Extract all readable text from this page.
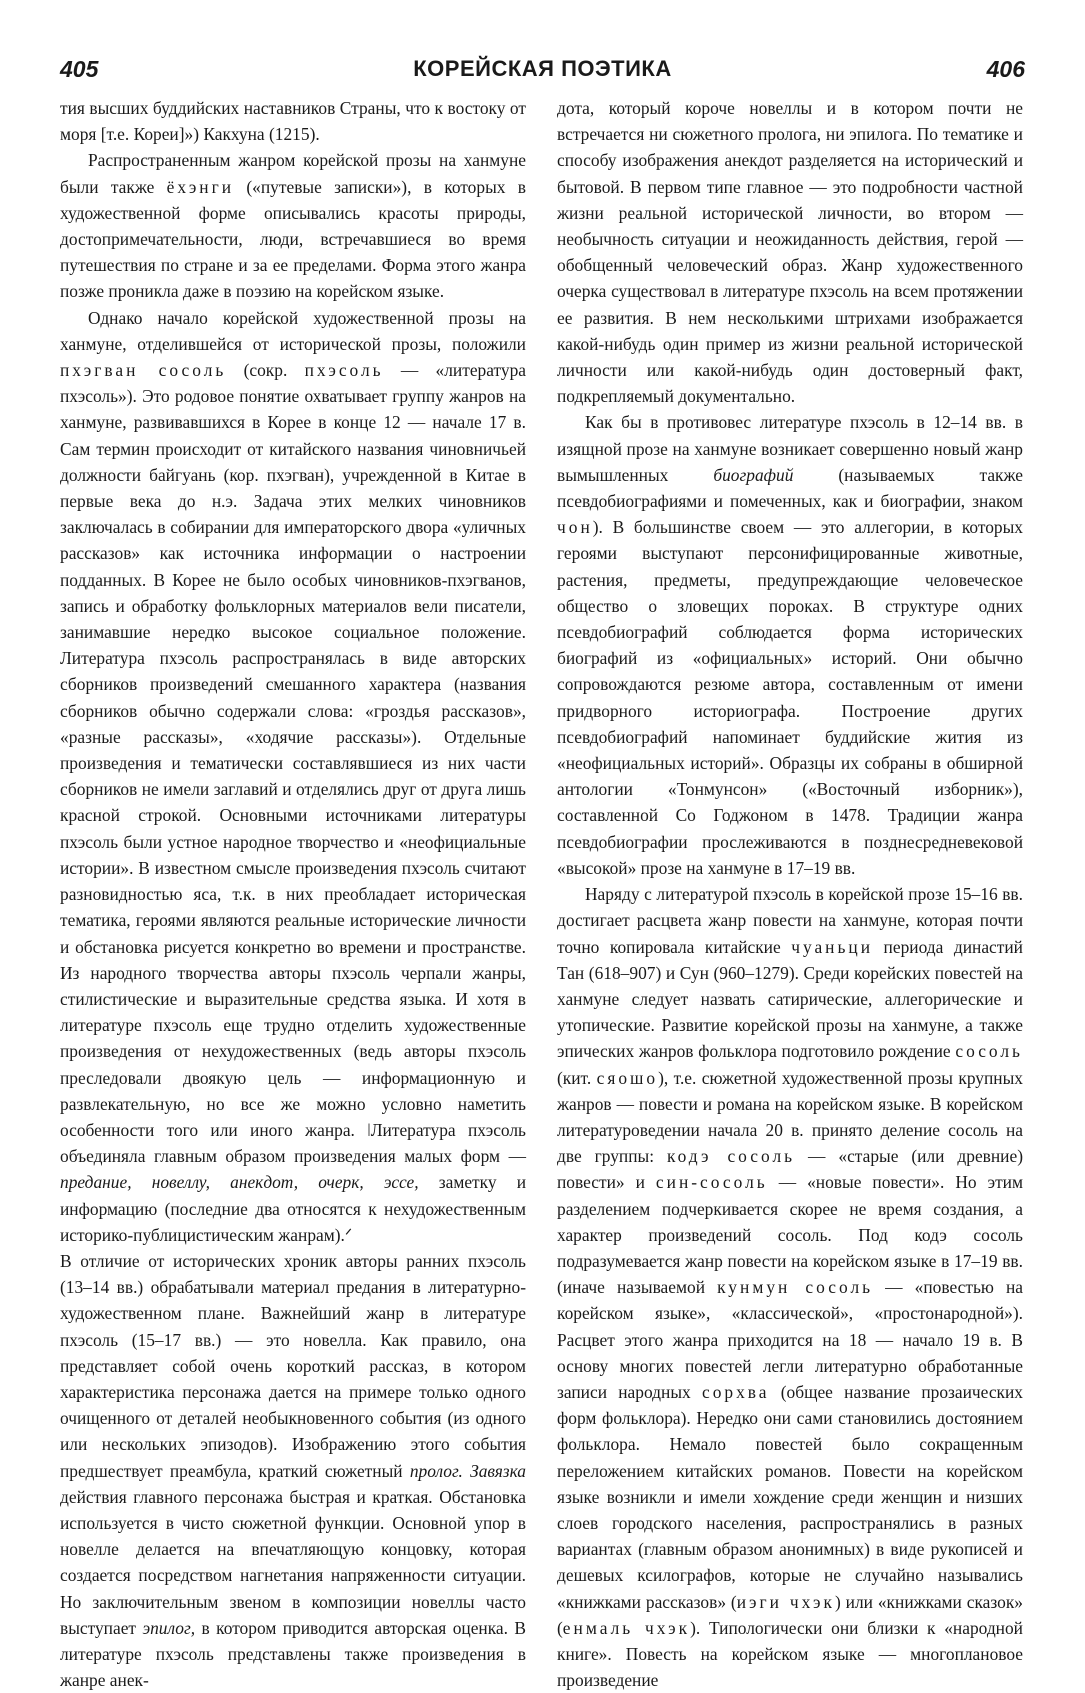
405	КОРЕЙСКАЯ ПОЭТИКА	406

тия высших буддийских наставников Страны, что к востоку от моря [т.е. Кореи]») Какхуна (1215).

Распространенным жанром корейской прозы на ханмуне были также ёхэнги («путевые записки»), в которых в художественной форме описывались красоты природы, достопримечательности, люди, встречавшиеся во время путешествия по стране и за ее пределами. Форма этого жанра позже проникла даже в поэзию на корейском языке.

Однако начало корейской художественной прозы на ханмуне, отделившейся от исторической прозы, положили пхэгван сосоль (сокр. пхэсоль — «литература пхэсоль»). Это родовое понятие охватывает группу жанров на ханмуне, развивавшихся в Корее в конце 12 — начале 17 в. Сам термин происходит от китайского названия чиновничьей должности байгуань (кор. пхэгван), учрежденной в Китае в первые века до н.э. Задача этих мелких чиновников заключалась в собирании для императорского двора «уличных рассказов» как источника информации о настроении подданных. В Корее не было особых чиновников-пхэгванов, запись и обработку фольклорных материалов вели писатели, занимавшие нередко высокое социальное положение. Литература пхэсоль распространялась в виде авторских сборников произведений смешанного характера (названия сборников обычно содержали слова: «гроздья рассказов», «разные рассказы», «ходячие рассказы»). Отдельные произведения и тематически составлявшиеся из них части сборников не имели заглавий и отделялись друг от друга лишь красной строкой. Основными источниками литературы пхэсоль были устное народное творчество и «неофициальные истории». В известном смысле произведения пхэсоль считают разновидностью яса, т.к. в них преобладает историческая тематика, героями являются реальные исторические личности и обстановка рисуется конкретно во времени и пространстве. Из народного творчества авторы пхэсоль черпали жанры, стилистические и выразительные средства языка. И хотя в литературе пхэсоль еще трудно отделить художественные произведения от нехудожественных (ведь авторы пхэсоль преследовали двоякую цель — информационную и развлекательную, но все же можно условно наметить особенности того или иного жанра. ǀЛитература пхэсоль объединяла главным образом произведения малых форм — предание, новеллу, анекдот, очерк, эссе, заметку и информацию (последние два относятся к нехудожественным историко-публицистическим жанрам).ᐟ

В отличие от исторических хроник авторы ранних пхэсоль (13–14 вв.) обрабатывали материал предания в литературно-художественном плане. Важнейший жанр в литературе пхэсоль (15–17 вв.) — это новелла. Как правило, она представляет собой очень короткий рассказ, в котором характеристика персонажа дается на примере только одного очищенного от деталей необыкновенного события (из одного или нескольких эпизодов). Изображению этого события предшествует преамбула, краткий сюжетный пролог. Завязка действия главного персонажа быстрая и краткая. Обстановка используется в чисто сюжетной функции. Основной упор в новелле делается на впечатляющую концовку, которая создается посредством нагнетания напряженности ситуации. Но заключительным звеном в композиции новеллы часто выступает эпилог, в котором приводится авторская оценка. В литературе пхэсоль представлены также произведения в жанре анек-

дота, который короче новеллы и в котором почти не встречается ни сюжетного пролога, ни эпилога. По тематике и способу изображения анекдот разделяется на исторический и бытовой. В первом типе главное — это подробности частной жизни реальной исторической личности, во втором — необычность ситуации и неожиданность действия, герой — обобщенный человеческий образ. Жанр художественного очерка существовал в литературе пхэсоль на всем протяжении ее развития. В нем несколькими штрихами изображается какой-нибудь один пример из жизни реальной исторической личности или какой-нибудь один достоверный факт, подкрепляемый документально.

Как бы в противовес литературе пхэсоль в 12–14 вв. в изящной прозе на ханмуне возникает совершенно новый жанр вымышленных биографий (называемых также псевдобиографиями и помеченных, как и биографии, знаком чон). В большинстве своем — это аллегории, в которых героями выступают персонифицированные животные, растения, предметы, предупреждающие человеческое общество о зловещих пороках. В структуре одних псевдобиографий соблюдается форма исторических биографий из «официальных» историй. Они обычно сопровождаются резюме автора, составленным от имени придворного историографа. Построение других псевдобиографий напоминает буддийские жития из «неофициальных историй». Образцы их собраны в обширной антологии «Тонмунсон» («Восточный изборник»), составленной Со Годжоном в 1478. Традиции жанра псевдобиографии прослеживаются в позднесредневековой «высокой» прозе на ханмуне в 17–19 вв.

Наряду с литературой пхэсоль в корейской прозе 15–16 вв. достигает расцвета жанр повести на ханмуне, которая почти точно копировала китайские чуаньци периода династий Тан (618–907) и Сун (960–1279). Среди корейских повестей на ханмуне следует назвать сатирические, аллегорические и утопические. Развитие корейской прозы на ханмуне, а также эпических жанров фольклора подготовило рождение сосоль (кит. сяошо), т.е. сюжетной художественной прозы крупных жанров — повести и романа на корейском языке. В корейском литературоведении начала 20 в. принято деление сосоль на две группы: кодэ сосоль — «старые (или древние) повести» и син-сосоль — «новые повести». Но этим разделением подчеркивается скорее не время создания, а характер произведений сосоль. Под кодэ сосоль подразумевается жанр повести на корейском языке в 17–19 вв. (иначе называемой кунмун сосоль — «повестью на корейском языке», «классической», «простонародной»). Расцвет этого жанра приходится на 18 — начало 19 в. В основу многих повестей легли литературно обработанные записи народных сорхва (общее название прозаических форм фольклора). Нередко они сами становились достоянием фольклора. Немало повестей было сокращенным переложением китайских романов. Повести на корейском языке возникли и имели хождение среди женщин и низших слоев городского населения, распространялись в разных вариантах (главным образом анонимных) в виде рукописей и дешевых ксилографов, которые не случайно назывались «книжками рассказов» (иэги чхэк) или «книжками сказок» (енмаль чхэк). Типологически они близки к «народной книге». Повесть на корейском языке — многоплановое произведение
